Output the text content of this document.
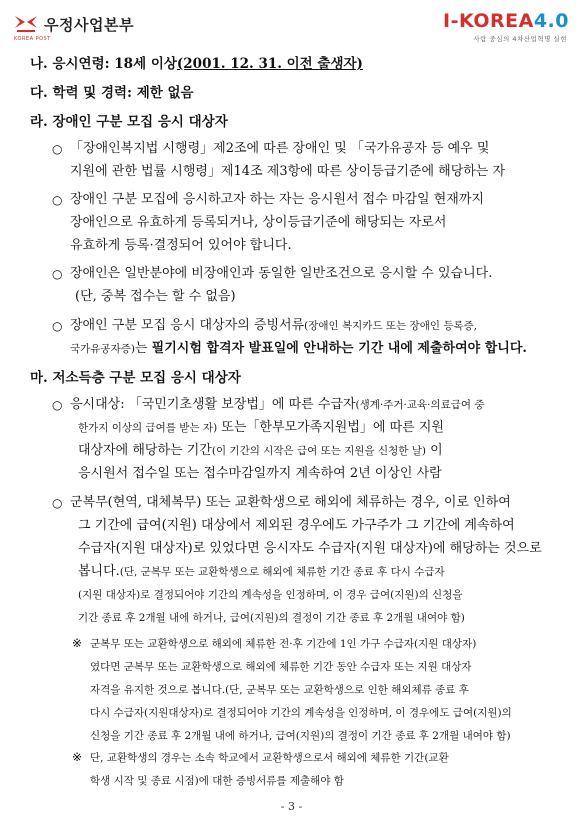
우정사업본부
KOREA POST
I-KOREA4.0
사람 중심의 4차산업혁명 실현
나. 응시연령: 18세 이상(2001. 12. 31. 이전 출생자)
다. 학력 및 경력: 제한 없음
라. 장애인 구분 모집 응시 대상자
○ 「장애인복지법 시행령」제2조에 따른 장애인 및 「국가유공자 등 예우 및
지원에 관한 법률 시행령」제14조 제3항에 따른 상이등급기준에 해당하는 자
○ 장애인 구분 모집에 응시하고자 하는 자는 응시원서 접수 마감일 현재까지
장애인으로 유효하게 등록되거나, 상이등급기준에 해당되는 자로서
유효하게 등록·결정되어 있어야 합니다.
○ 장애인은 일반분야에 비장애인과 동일한 일반조건으로 응시할 수 있습니다.
(단, 중복 접수는 할 수 없음)
○ 장애인 구분 모집 응시 대상자의 증빙서류(장애인 복지카드 또는 장애인 등록증,
국가유공자증)는 필기시험 합격자 발표일에 안내하는 기간 내에 제출하여야 합니다.
마. 저소득층 구분 모집 응시 대상자
○ 응시대상: 「국민기초생활 보장법」에 따른 수급자(생계·주거·교육·의료급여 중
한가지 이상의 급여를 받는 자) 또는「한부모가족지원법」에 따른 지원
대상자에 해당하는 기간(이 기간의 시작은 급여 또는 지원을 신청한 날) 이
응시원서 접수일 또는 접수마감일까지 계속하여 2년 이상인 사람
○ 군복무(현역, 대체복무) 또는 교환학생으로 해외에 체류하는 경우, 이로 인하여
그 기간에 급여(지원) 대상에서 제외된 경우에도 가구주가 그 기간에 계속하여
수급자(지원 대상자)로 있었다면 응시자도 수급자(지원 대상자)에 해당하는 것으로
봅니다.(단, 군복무 또는 교환학생으로 해외에 체류한 기간 종료 후 다시 수급자
(지원 대상자)로 결정되어야 기간의 계속성을 인정하며, 이 경우 급여(지원)의 신청을
기간 종료 후 2개월 내에 하거나, 급여(지원)의 결정이 기간 종료 후 2개월 내여야 함)
※ 군복무 또는 교환학생으로 해외에 체류한 전·후 기간에 1인 가구 수급자(지원 대상자)
였다면 군복무 또는 교환학생으로 해외에 체류한 기간 동안 수급자 또는 지원 대상자
자격을 유지한 것으로 봅니다.(단, 군복무 또는 교환학생으로 인한 해외체류 종료 후
다시 수급자(지원대상자)로 결정되어야 기간의 계속성을 인정하며, 이 경우에도 급여(지원)의
신청을 기간 종료 후 2개월 내에 하거나, 급여(지원)의 결정이 기간 종료 후 2개월 내여야 함)
※ 단, 교환학생의 경우는 소속 학교에서 교환학생으로서 해외에 체류한 기간(교환
학생 시작 및 종료 시점)에 대한 증빙서류를 제출해야 함
- 3 -
